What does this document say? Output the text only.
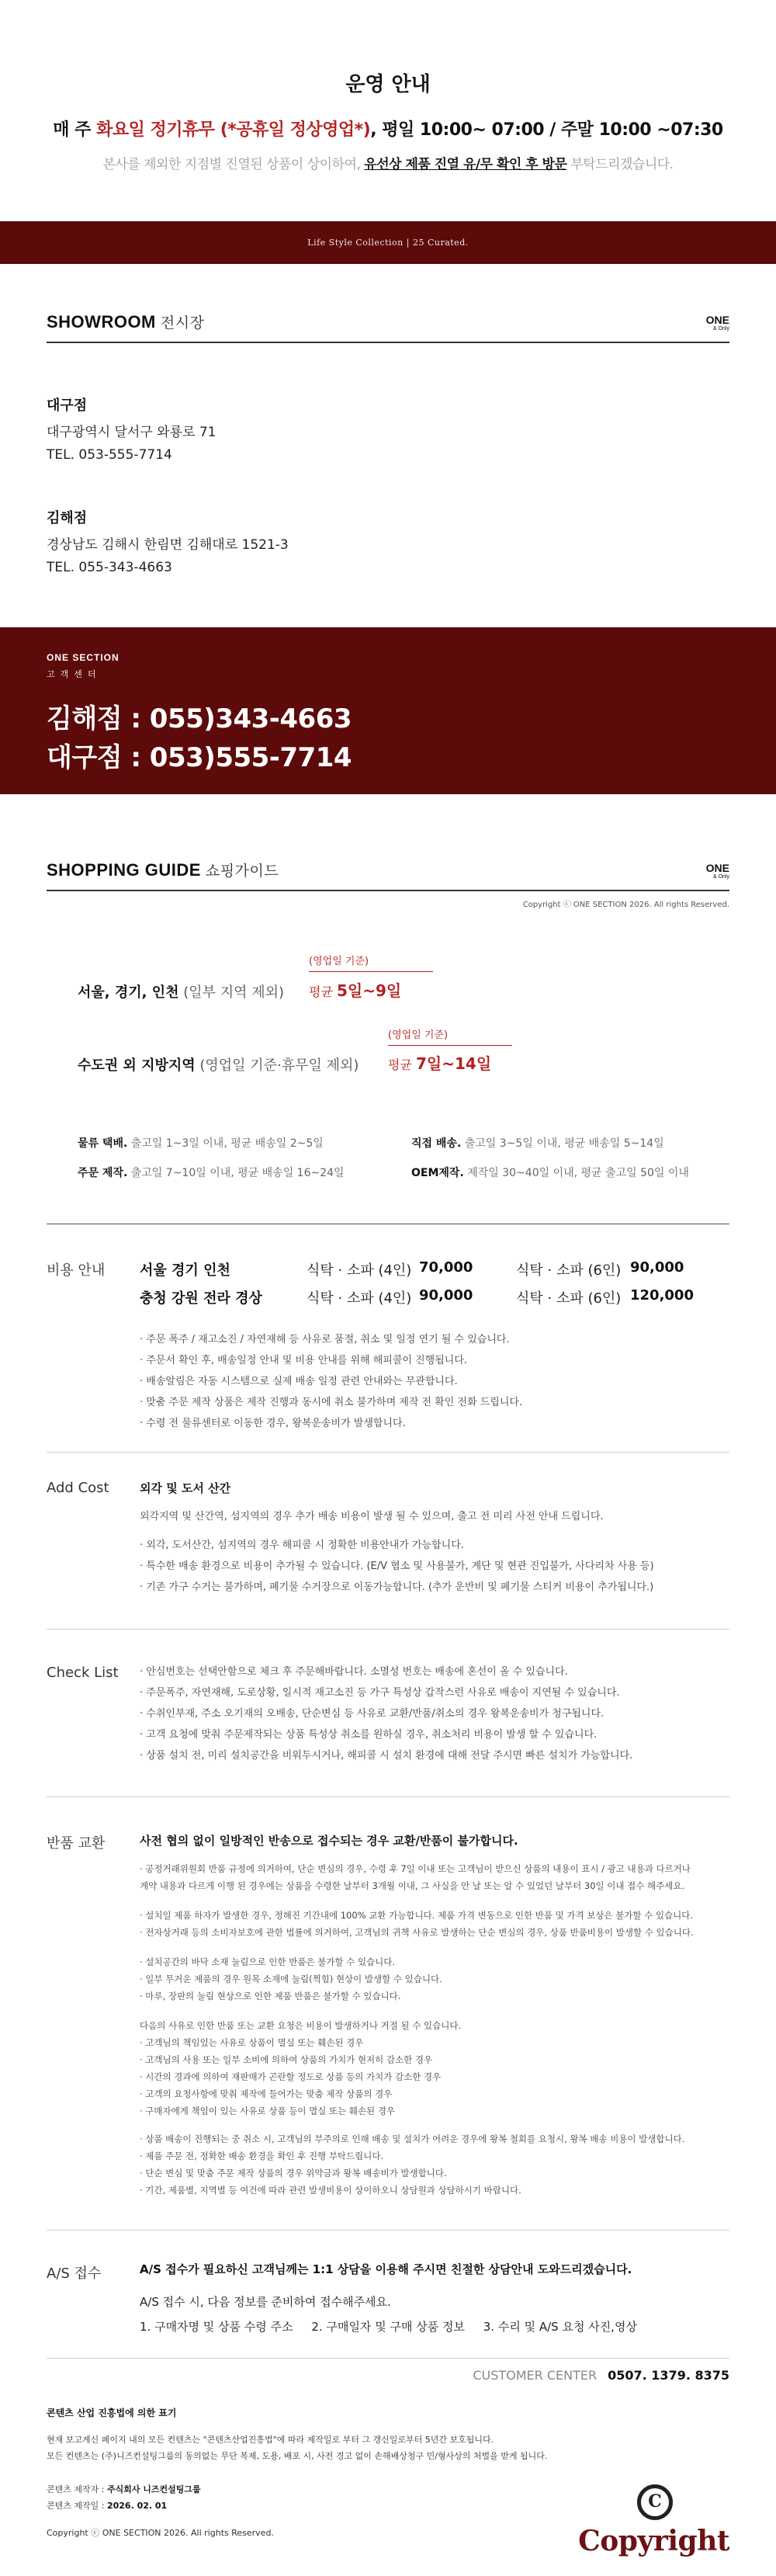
운영 안내

매 주 화요일 정기휴무 (*공휴일 정상영업*), 평일 10:00~ 07:00 / 주말 10:00 ~07:30

본사를 제외한 지점별 진열된 상품이 상이하여, 유선상 제품 진열 유/무 확인 후 방문 부탁드리겠습니다.

Life Style Collection | 25 Curated.
SHOWROOM 전시장	ONE
& Only
대구점
대구광역시 달서구 와룡로 71
TEL. 053-555-7714
김해점
경상남도 김해시 한림면 김해대로 1521-3
TEL. 055-343-4663
ONE SECTION
고객센터
김해점 : 055)343-4663
대구점 : 053)555-7714
SHOPPING GUIDE 쇼핑가이드	ONE
& Only
Copyright ⓒ ONE SECTION 2026. All rights Reserved.
(영업일 기준)
서울, 경기, 인천 (일부 지역 제외) 평균 5일~9일
(영업일 기준)
수도권 외 지방지역 (영업일 기준·휴무일 제외) 평균 7일~14일
물류 택배. 출고일 1~3일 이내, 평균 배송일 2~5일	직접 배송. 출고일 3~5일 이내, 평균 배송일 5~14일
주문 제작. 출고일 7~10일 이내, 평균 배송일 16~24일	OEM제작. 제작일 30~40일 이내, 평균 출고일 50일 이내
비용 안내 서울 경기 인천	식탁 · 소파 (4인) 70,000	식탁 · 소파 (6인) 90,000
충청 강원 전라 경상	식탁 · 소파 (4인) 90,000	식탁 · 소파 (6인) 120,000
· 주문 폭주 / 재고소진 / 자연재해 등 사유로 품절, 취소 및 일정 연기 될 수 있습니다.
· 주문서 확인 후, 배송일정 안내 및 비용 안내를 위해 해피콜이 진행됩니다.
· 배송알림은 자동 시스템으로 실제 배송 일정 관련 안내와는 무관합니다.
· 맞춤 주문 제작 상품은 제작 진행과 동시에 취소 불가하며 제작 전 확인 전화 드립니다.
· 수령 전 물류센터로 이동한 경우, 왕복운송비가 발생합니다.
Add Cost	외각 및 도서 산간
외각지역 및 산간역, 섬지역의 경우 추가 배송 비용이 발생 될 수 있으며, 출고 전 미리 사전 안내 드립니다.
· 외각, 도서산간, 섬지역의 경우 해피콜 시 정확한 비용안내가 가능합니다.
· 특수한 배송 환경으로 비용이 추가될 수 있습니다. (E/V 협소 및 사용불가, 계단 및 현관 진입불가, 사다리차 사용 등)
· 기존 가구 수거는 불가하며, 폐기물 수거장으로 이동가능합니다. (추가 운반비 및 폐기물 스티커 비용이 추가됩니다.)
Check List · 안심번호는 선택안함으로 체크 후 주문해바랍니다. 소멸성 번호는 배송에 혼선이 올 수 있습니다.
· 주문폭주, 자연재해, 도로상황, 일시적 재고소진 등 가구 특성상 갑작스런 사유로 배송이 지연될 수 있습니다.
· 수취인부재, 주소 오기재의 오배송, 단순변심 등 사유로 교환/반품/취소의 경우 왕복운송비가 청구됩니다.
· 고객 요청에 맞춰 주문제작되는 상품 특성상 취소를 원하실 경우, 취소처리 비용이 발생 할 수 있습니다.
· 상품 설치 전, 미리 설치공간을 비워두시거나, 해피콜 시 설치 환경에 대해 전달 주시면 빠른 설치가 가능합니다.
반품 교환	사전 협의 없이 일방적인 반송으로 접수되는 경우 교환/반품이 불가합니다.
· 공정거래위원회 반품 규정에 의거하여, 단순 변심의 경우, 수령 후 7일 이내 또는 고객님이 받으신 상품의 내용이 표시 / 광고 내용과 다르거나
계약 내용과 다르게 이행 된 경우에는 상품을 수령한 날부터 3개월 이내, 그 사실을 안 날 또는 알 수 있었던 날부터 30일 이내 접수 해주세요.
· 설치일 제품 하자가 발생한 경우, 정해진 기간내에 100% 교환 가능합니다. 제품 가격 변동으로 인한 반품 및 가격 보상은 불가할 수 있습니다.
· 전자상거래 등의 소비자보호에 관한 법률에 의거하여, 고객님의 귀책 사유로 발생하는 단순 변심의 경우, 상품 반품비용이 발생할 수 있습니다.
· 설치공간의 바닥 소재 눌림으로 인한 반품은 불가할 수 있습니다.
· 일부 무거운 제품의 경우 원목 소재에 눌림(찍힘) 현상이 발생할 수 있습니다.
· 마루, 장판의 눌림 현상으로 인한 제품 반품은 불가할 수 있습니다.
다음의 사유로 인한 반품 또는 교환 요청은 비용이 발생하거나 거절 될 수 있습니다.
· 고객님의 책임있는 사유로 상품이 멸실 또는 훼손된 경우
· 고객님의 사용 또는 일부 소비에 의하여 상품의 가치가 현저히 감소한 경우
· 시간의 경과에 의하여 재판매가 곤란할 정도로 상품 등의 가치가 감소한 경우
· 고객의 요청사항에 맞춰 제작에 들어가는 맞춤 제작 상품의 경우
· 구매자에게 책임이 있는 사유로 상품 등이 멸실 또는 훼손된 경우
· 상품 배송이 진행되는 중 취소 시, 고객님의 부주의로 인해 배송 및 설치가 어려운 경우에 왕복 철회를 요청시, 왕복 배송 비용이 발생합니다.
· 제품 주문 전, 정확한 배송 환경을 확인 후 진행 부탁드립니다.
· 단순 변심 및 맞춤 주문 제작 상품의 경우 위약금과 왕복 배송비가 발생합니다.
· 기간, 제품별, 지역별 등 여건에 따라 관련 발생비용이 상이하오니 상담원과 상담하시기 바랍니다.
A/S 접수	A/S 접수가 필요하신 고객님께는 1:1 상담을 이용해 주시면 친절한 상담안내 도와드리겠습니다.
A/S 접수 시, 다음 정보를 준비하여 접수해주세요.
1. 구매자명 및 상품 수령 주소     2. 구매일자 및 구매 상품 정보     3. 수리 및 A/S 요청 사진,영상
CUSTOMER CENTER 0507. 1379. 8375
콘텐츠 산업 진흥법에 의한 표기
현재 보고계신 페이지 내의 모든 컨텐츠는 "콘텐츠산업진흥법"에 따라 제작일로 부터 그 갱신일로부터 5년간 보호됩니다.
모든 컨텐츠는 (주)니즈컨설팅그룹의 동의없는 무단 복제, 도용, 배포 시, 사전 경고 없이 손해배상청구 민/형사상의 처벌을 받게 됩니다.
콘텐츠 제작자 : 주식회사 니즈컨설팅그룹
콘텐츠 제작일 : 2026. 02. 01
Copyright ⓒ ONE SECTION 2026. All rights Reserved.
C
Copyright
